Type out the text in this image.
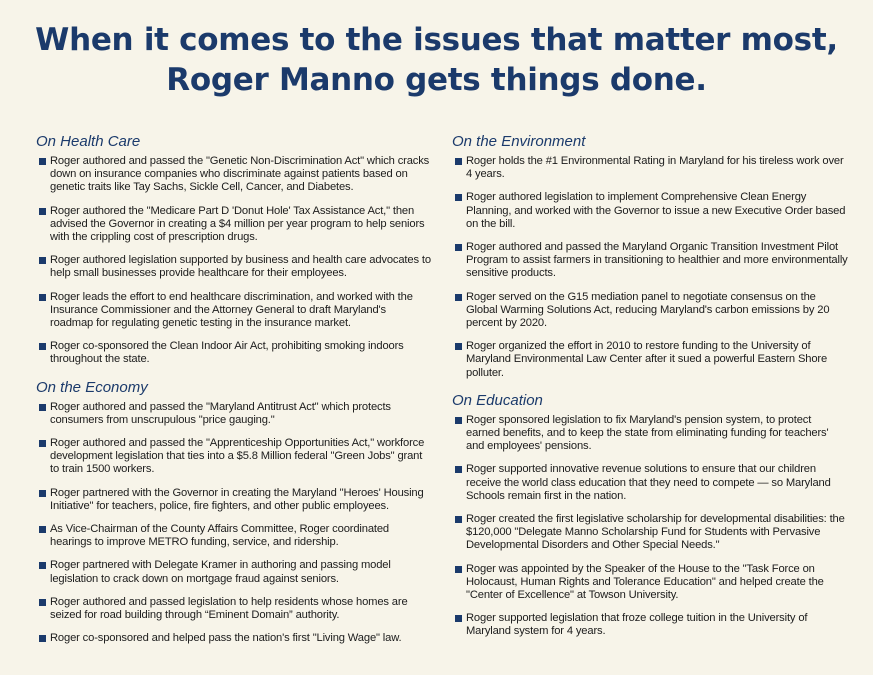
When it comes to the issues that matter most,
Roger Manno gets things done.
On Health Care
Roger authored and passed the "Genetic Non-Discrimination Act" which cracks down on insurance companies who discriminate against patients based on genetic traits like Tay Sachs, Sickle Cell, Cancer, and Diabetes.
Roger authored the "Medicare Part D 'Donut Hole' Tax Assistance Act," then advised the Governor in creating a $4 million per year program to help seniors with the crippling cost of prescription drugs.
Roger authored legislation supported by business and health care advocates to help small businesses provide healthcare for their employees.
Roger leads the effort to end healthcare discrimination, and worked with the Insurance Commissioner and the Attorney General to draft Maryland's roadmap for regulating genetic testing in the insurance market.
Roger co-sponsored the Clean Indoor Air Act, prohibiting smoking indoors throughout the state.
On the Economy
Roger authored and passed the "Maryland Antitrust Act" which protects consumers from unscrupulous "price gauging."
Roger authored and passed the "Apprenticeship Opportunities Act," workforce development legislation that ties into a $5.8 Million federal "Green Jobs" grant to train 1500 workers.
Roger partnered with the Governor in creating the Maryland "Heroes' Housing Initiative" for teachers, police, fire fighters, and other public employees.
As Vice-Chairman of the County Affairs Committee, Roger coordinated hearings to improve METRO funding, service, and ridership.
Roger partnered with Delegate Kramer in authoring and passing model legislation to crack down on mortgage fraud against seniors.
Roger authored and passed legislation to help residents whose homes are seized for road building through “Eminent Domain” authority.
Roger co-sponsored and helped pass the nation's first "Living Wage" law.
On the Environment
Roger holds the #1 Environmental Rating in Maryland for his tireless work over 4 years.
Roger authored legislation to implement Comprehensive Clean Energy Planning, and worked with the Governor to issue a new Executive Order based on the bill.
Roger authored and passed the Maryland Organic Transition Investment Pilot Program to assist farmers in transitioning to healthier and more environmentally sensitive products.
Roger served on the G15 mediation panel to negotiate consensus on the Global Warming Solutions Act, reducing Maryland's carbon emissions by 20 percent by 2020.
Roger organized the effort in 2010 to restore funding to the University of Maryland Environmental Law Center after it sued a powerful Eastern Shore polluter.
On Education
Roger sponsored legislation to fix Maryland's pension system, to protect earned benefits, and to keep the state from eliminating funding for teachers' and employees' pensions.
Roger supported innovative revenue solutions to ensure that our children receive the world class education that they need to compete — so Maryland Schools remain first in the nation.
Roger created the first legislative scholarship for developmental disabilities: the $120,000 "Delegate Manno Scholarship Fund for Students with Pervasive Developmental Disorders and Other Special Needs."
Roger was appointed by the Speaker of the House to the "Task Force on Holocaust, Human Rights and Tolerance Education" and helped create the "Center of Excellence" at Towson University.
Roger supported legislation that froze college tuition in the University of Maryland system for 4 years.
